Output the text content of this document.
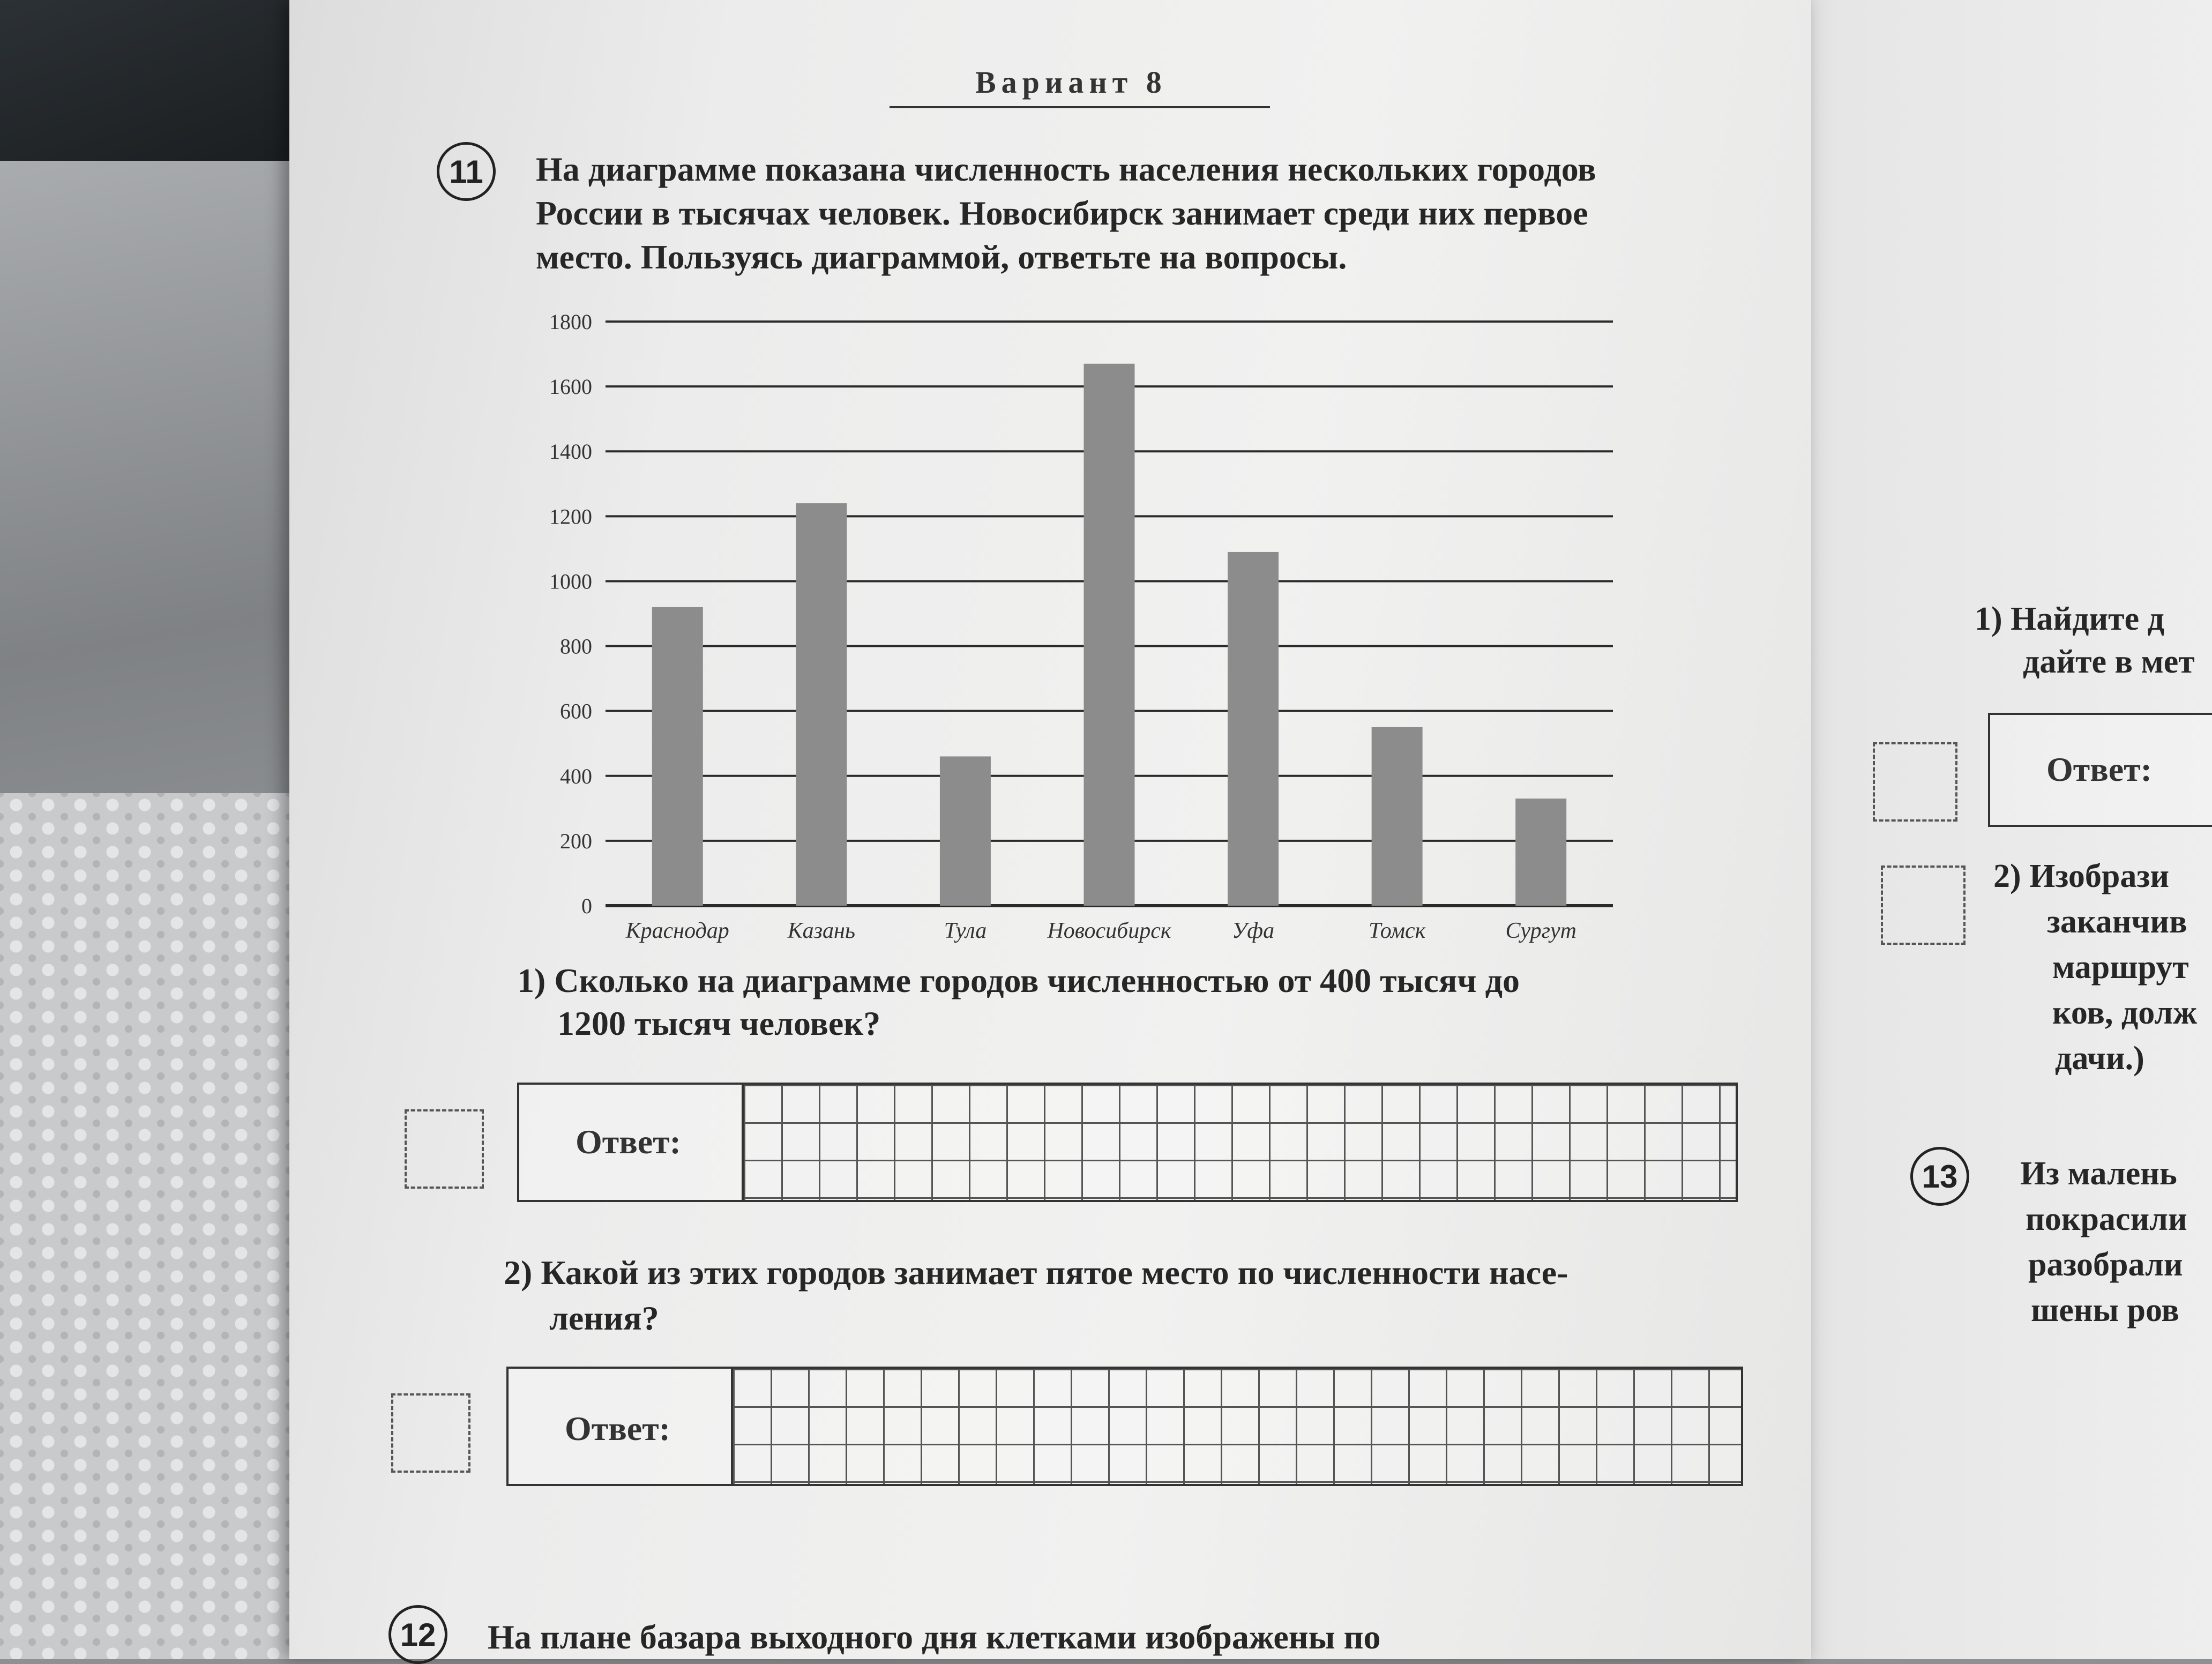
Вариант 8
11	На диаграмме показана численность населения нескольких городов
России в тысячах человек. Новосибирск занимает среди них первое
место. Пользуясь диаграммой, ответьте на вопросы.
0
200
400
600
800
1000
1200
1400
1600
1800
Краснодар	Казань	Тула	Новосибирск	Уфа	Томск	Сургут
1) Сколько на диаграмме городов численностью от 400 тысяч до
1200 тысяч человек?
Ответ:
2) Какой из этих городов занимает пятое место по численности насе-
ления?
Ответ:
12	На плане базара выходного дня клетками изображены по
1) Найдите д
дайте в мет
Ответ:
2) Изобрази
заканчив
маршрут
ков, долж
дачи.)
13	Из малень
покрасили
разобрали
шены ров
